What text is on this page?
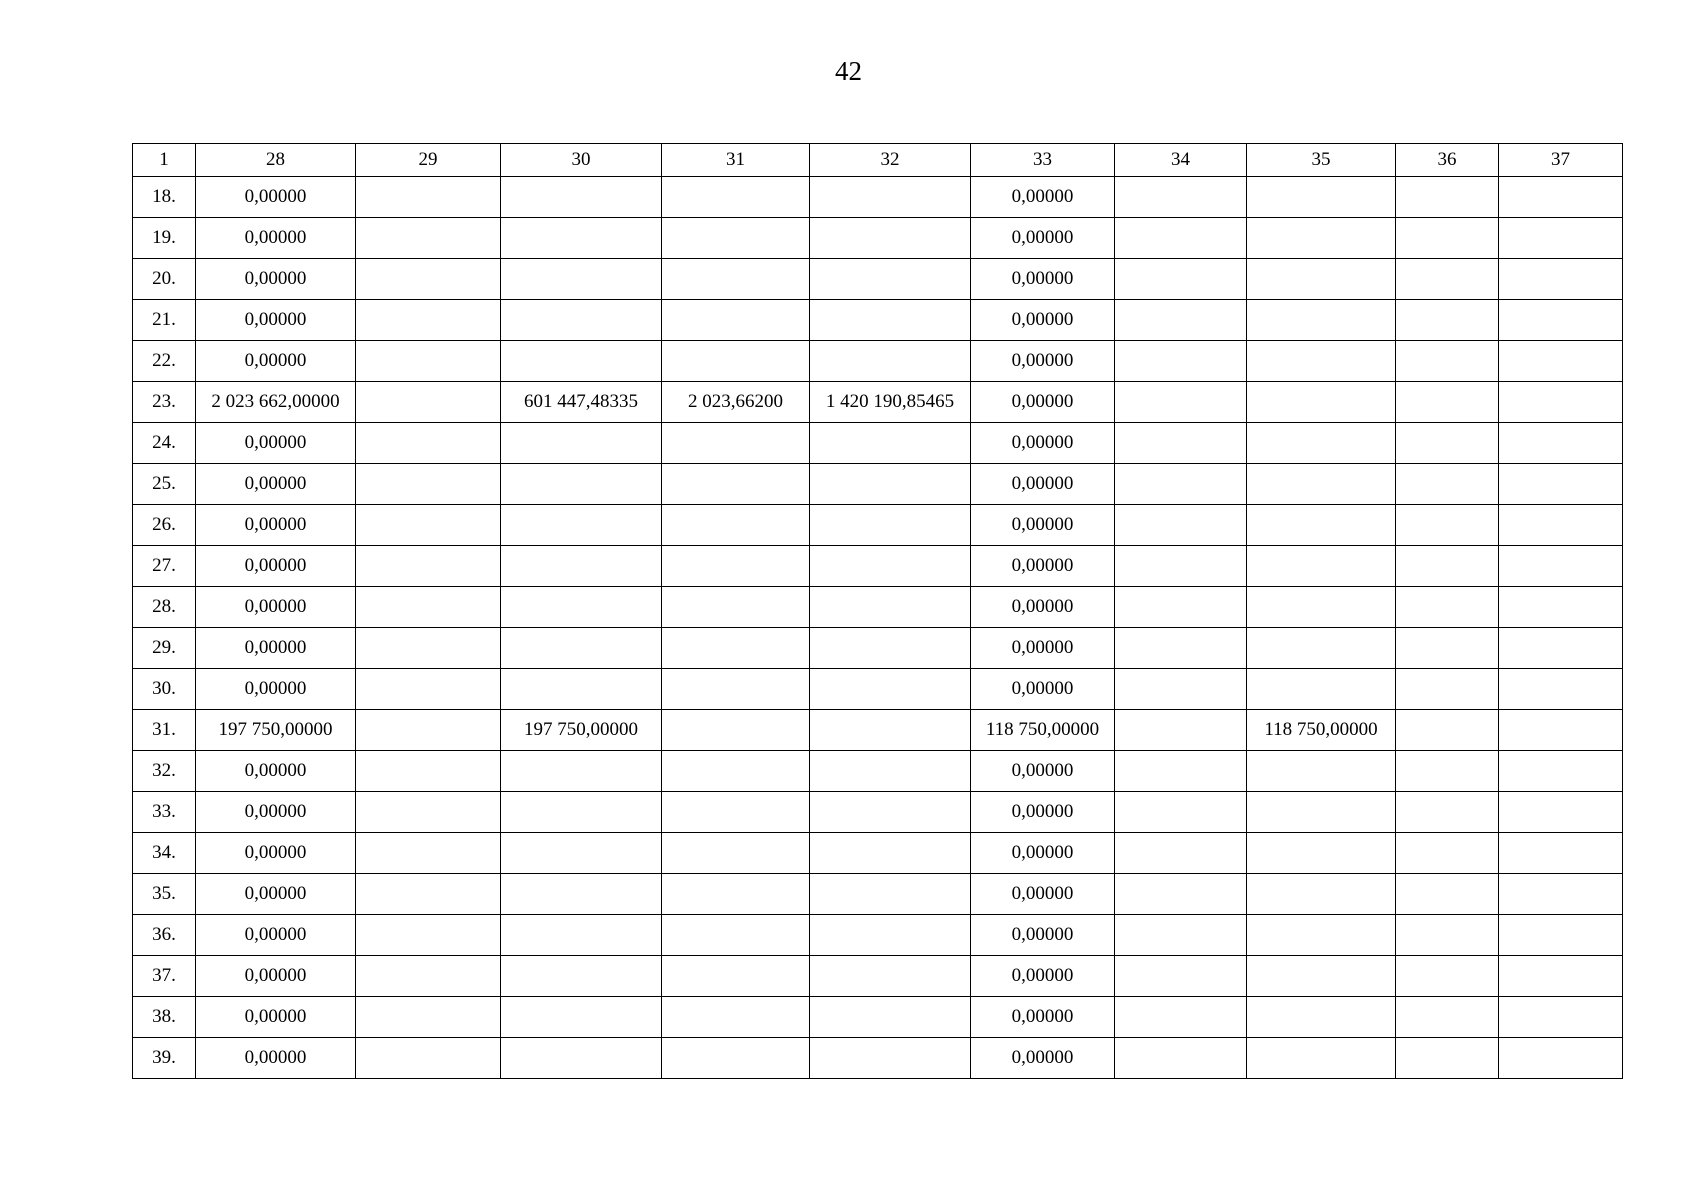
42
1	28	29	30	31	32	33	34	35	36	37
18.	0,00000					0,00000				
19.	0,00000					0,00000				
20.	0,00000					0,00000				
21.	0,00000					0,00000				
22.	0,00000					0,00000				
23.	2 023 662,00000		601 447,48335	2 023,66200	1 420 190,85465	0,00000				
24.	0,00000					0,00000				
25.	0,00000					0,00000				
26.	0,00000					0,00000				
27.	0,00000					0,00000				
28.	0,00000					0,00000				
29.	0,00000					0,00000				
30.	0,00000					0,00000				
31.	197 750,00000		197 750,00000			118 750,00000		118 750,00000		
32.	0,00000					0,00000				
33.	0,00000					0,00000				
34.	0,00000					0,00000				
35.	0,00000					0,00000				
36.	0,00000					0,00000				
37.	0,00000					0,00000				
38.	0,00000					0,00000				
39.	0,00000					0,00000				
